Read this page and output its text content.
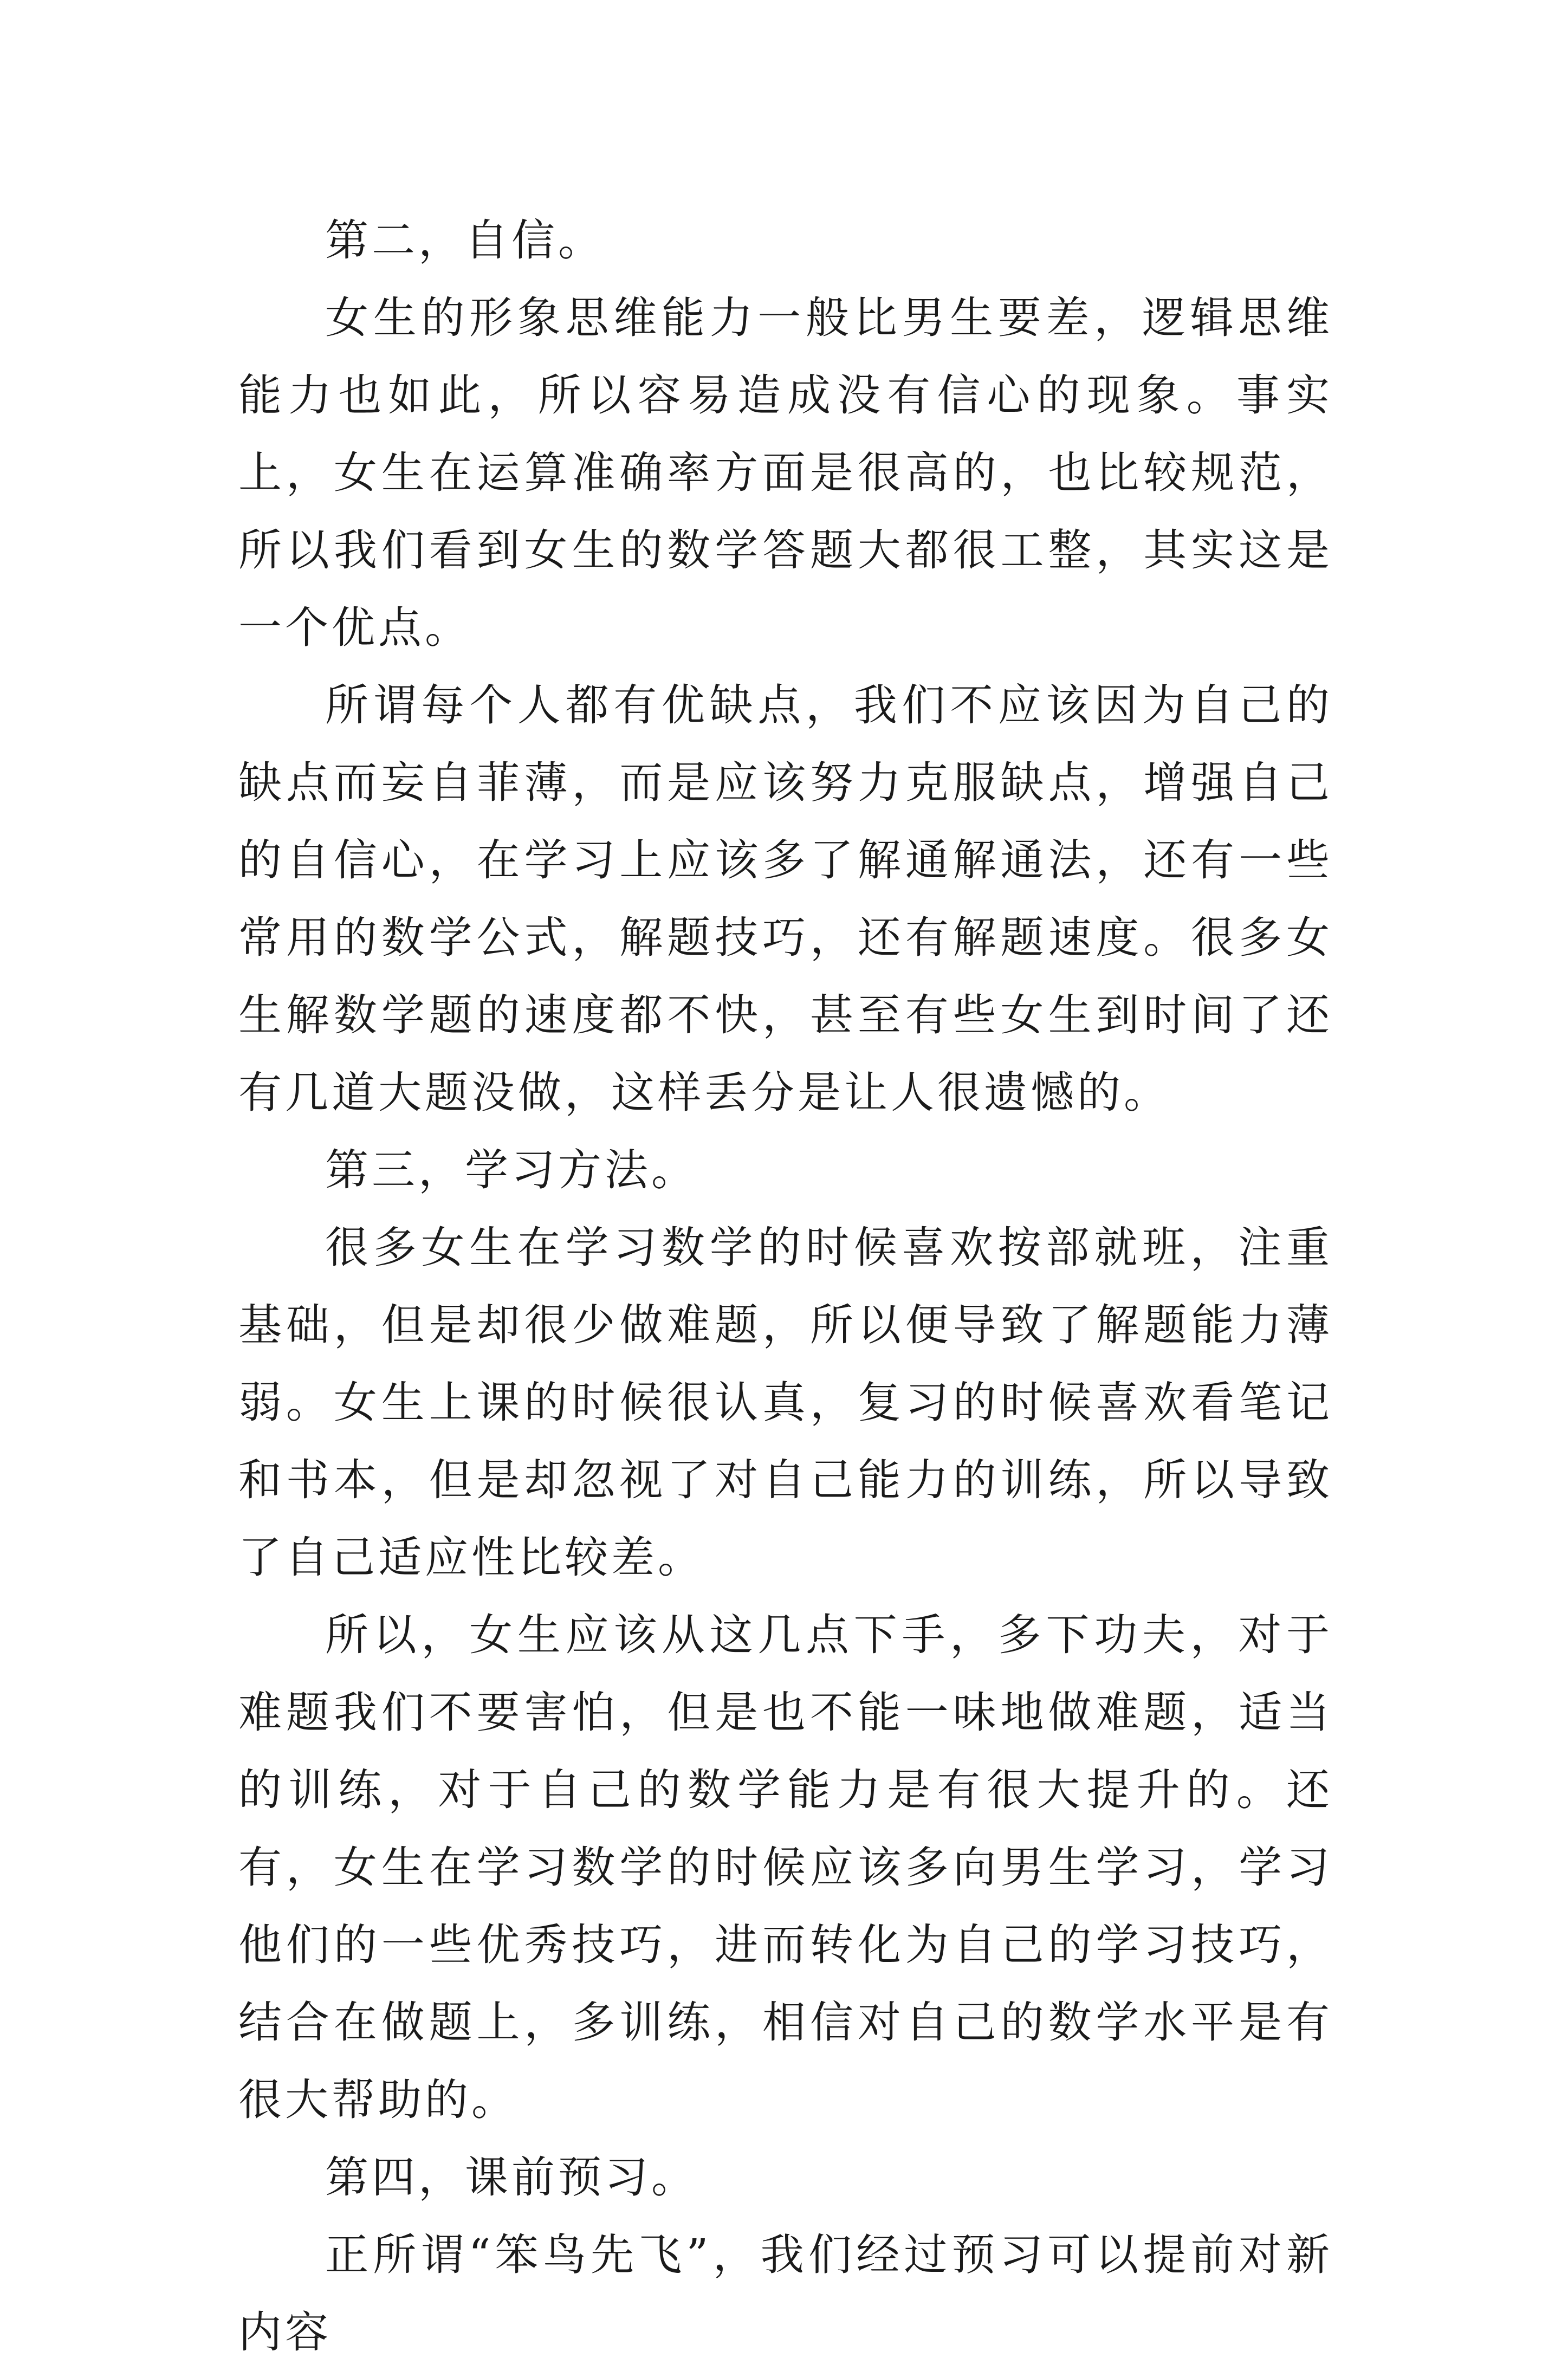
第二，自信。

女生的形象思维能力一般比男生要差，逻辑思维能力也如此，所以容易造成没有信心的现象。事实上，女生在运算准确率方面是很高的，也比较规范，所以我们看到女生的数学答题大都很工整，其实这是一个优点。

所谓每个人都有优缺点，我们不应该因为自己的缺点而妄自菲薄，而是应该努力克服缺点，增强自己的自信心，在学习上应该多了解通解通法，还有一些常用的数学公式，解题技巧，还有解题速度。很多女生解数学题的速度都不快，甚至有些女生到时间了还有几道大题没做，这样丢分是让人很遗憾的。

第三，学习方法。

很多女生在学习数学的时候喜欢按部就班，注重基础，但是却很少做难题，所以便导致了解题能力薄弱。女生上课的时候很认真，复习的时候喜欢看笔记和书本，但是却忽视了对自己能力的训练，所以导致了自己适应性比较差。

所以，女生应该从这几点下手，多下功夫，对于难题我们不要害怕，但是也不能一味地做难题，适当的训练，对于自己的数学能力是有很大提升的。还有，女生在学习数学的时候应该多向男生学习，学习他们的一些优秀技巧，进而转化为自己的学习技巧，结合在做题上，多训练，相信对自己的数学水平是有很大帮助的。

第四，课前预习。

正所谓“笨鸟先飞”，我们经过预习可以提前对新内容
